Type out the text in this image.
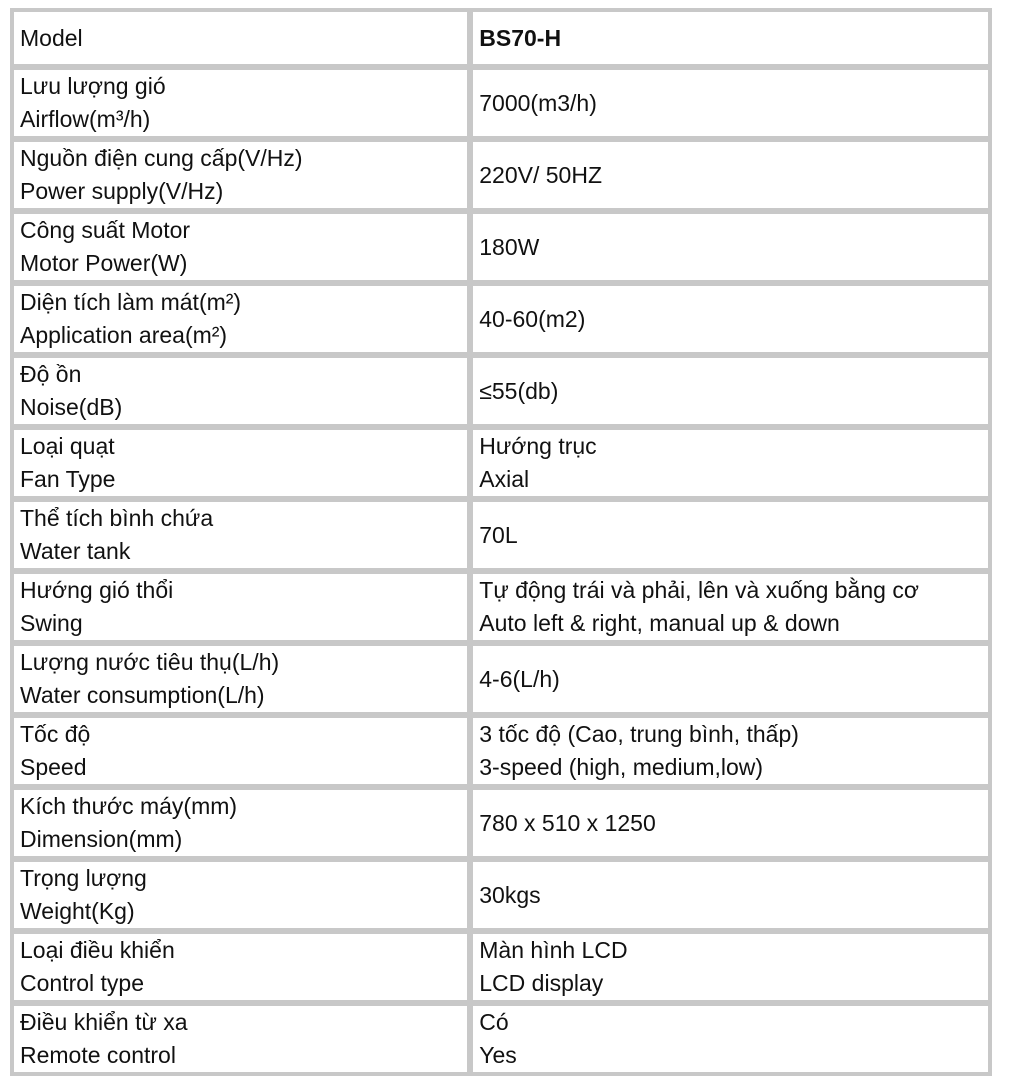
Model	BS70-H

Lưu lượng gió
Airflow(m³/h)	7000(m3/h)

Nguồn điện cung cấp(V/Hz)
Power supply(V/Hz)	220V/ 50HZ

Công suất Motor
Motor Power(W)	180W

Diện tích làm mát(m²)
Application area(m²)	40-60(m2)

Độ ồn
Noise(dB)	≤55(db)

Loại quạt
Fan Type	Hướng trục
Axial

Thể tích bình chứa
Water tank	70L

Hướng gió thổi
Swing	Tự động trái và phải, lên và xuống bằng cơ
Auto left & right, manual up & down

Lượng nước tiêu thụ(L/h)
Water consumption(L/h)	4-6(L/h)

Tốc độ
Speed	3 tốc độ (Cao, trung bình, thấp)
3-speed (high, medium,low)

Kích thước máy(mm)
Dimension(mm)	780 x 510 x 1250

Trọng lượng
Weight(Kg)	30kgs

Loại điều khiển
Control type	Màn hình LCD
LCD display

Điều khiển từ xa
Remote control	Có
Yes
